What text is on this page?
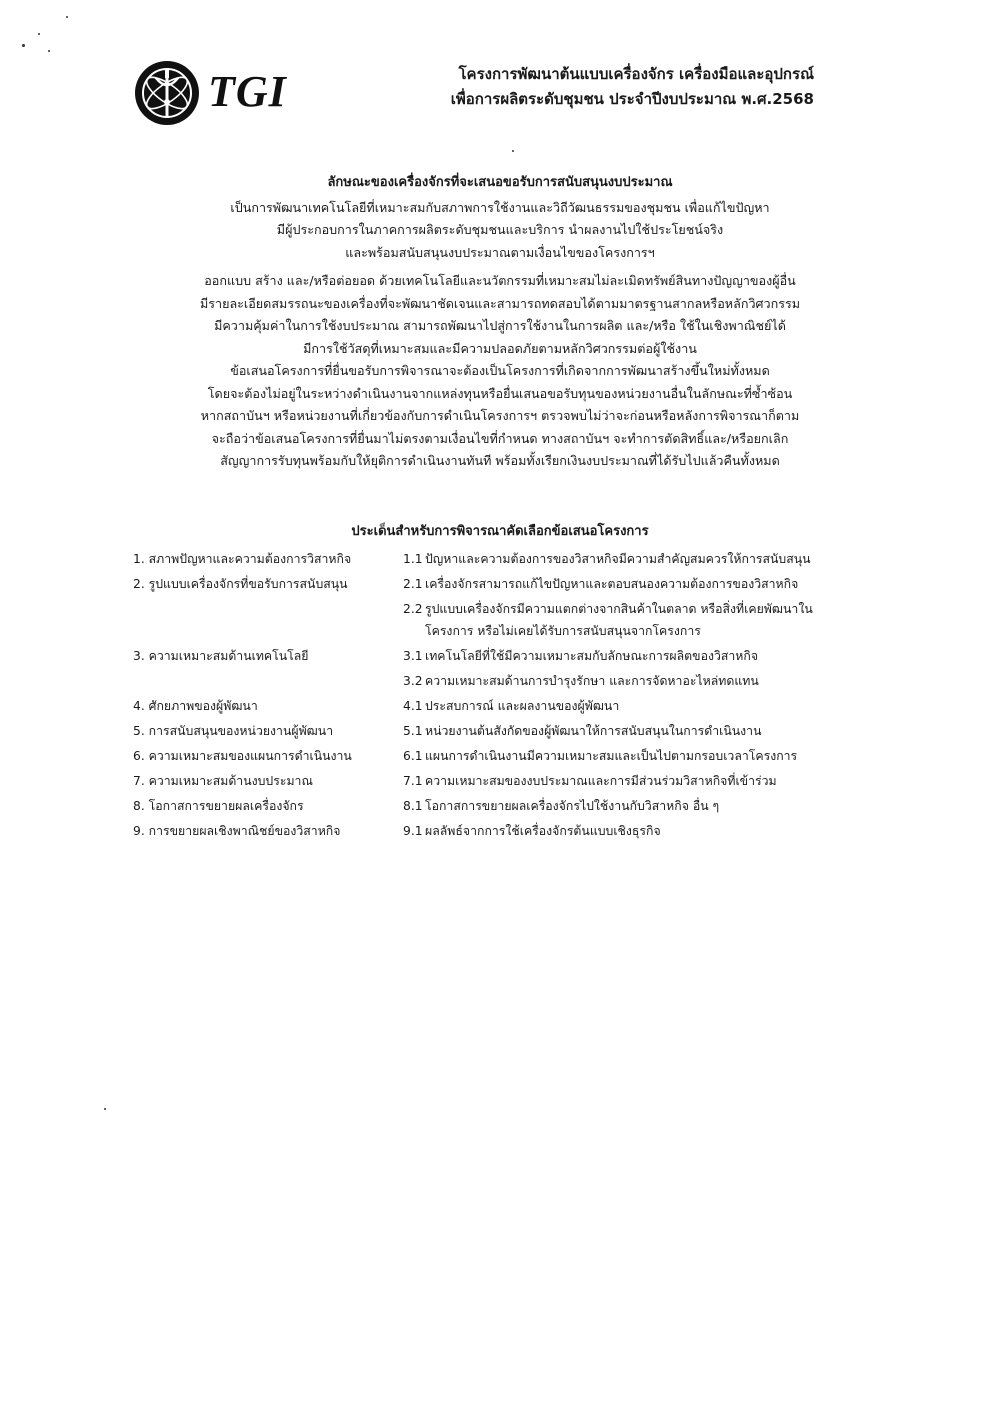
TGI	โครงการพัฒนาต้นแบบเครื่องจักร เครื่องมือและอุปกรณ์
เพื่อการผลิตระดับชุมชน ประจำปีงบประมาณ พ.ศ.2568
ลักษณะของเครื่องจักรที่จะเสนอขอรับการสนับสนุนงบประมาณ
เป็นการพัฒนาเทคโนโลยีที่เหมาะสมกับสภาพการใช้งานและวิถีวัฒนธรรมของชุมชน เพื่อแก้ไขปัญหา
มีผู้ประกอบการในภาคการผลิตระดับชุมชนและบริการ นำผลงานไปใช้ประโยชน์จริง
และพร้อมสนับสนุนงบประมาณตามเงื่อนไขของโครงการฯ
ออกแบบ สร้าง และ/หรือต่อยอด ด้วยเทคโนโลยีและนวัตกรรมที่เหมาะสมไม่ละเมิดทรัพย์สินทางปัญญาของผู้อื่น
มีรายละเอียดสมรรถนะของเครื่องที่จะพัฒนาชัดเจนและสามารถทดสอบได้ตามมาตรฐานสากลหรือหลักวิศวกรรม
มีความคุ้มค่าในการใช้งบประมาณ สามารถพัฒนาไปสู่การใช้งานในการผลิต และ/หรือ ใช้ในเชิงพาณิชย์ได้
มีการใช้วัสดุที่เหมาะสมและมีความปลอดภัยตามหลักวิศวกรรมต่อผู้ใช้งาน
ข้อเสนอโครงการที่ยื่นขอรับการพิจารณาจะต้องเป็นโครงการที่เกิดจากการพัฒนาสร้างขึ้นใหม่ทั้งหมด
โดยจะต้องไม่อยู่ในระหว่างดำเนินงานจากแหล่งทุนหรือยื่นเสนอขอรับทุนของหน่วยงานอื่นในลักษณะที่ซ้ำซ้อน
หากสถาบันฯ หรือหน่วยงานที่เกี่ยวข้องกับการดำเนินโครงการฯ ตรวจพบไม่ว่าจะก่อนหรือหลังการพิจารณาก็ตาม
จะถือว่าข้อเสนอโครงการที่ยื่นมาไม่ตรงตามเงื่อนไขที่กำหนด ทางสถาบันฯ จะทำการตัดสิทธิ์และ/หรือยกเลิก
สัญญาการรับทุนพร้อมกับให้ยุติการดำเนินงานทันที พร้อมทั้งเรียกเงินงบประมาณที่ได้รับไปแล้วคืนทั้งหมด
ประเด็นสำหรับการพิจารณาคัดเลือกข้อเสนอโครงการ
1. สภาพปัญหาและความต้องการวิสาหกิจ	1.1 ปัญหาและความต้องการของวิสาหกิจมีความสำคัญสมควรให้การสนับสนุน
2. รูปแบบเครื่องจักรที่ขอรับการสนับสนุน	2.1 เครื่องจักรสามารถแก้ไขปัญหาและตอบสนองความต้องการของวิสาหกิจ
2.2 รูปแบบเครื่องจักรมีความแตกต่างจากสินค้าในตลาด หรือสิ่งที่เคยพัฒนาในโครงการ หรือไม่เคยได้รับการสนับสนุนจากโครงการ
3. ความเหมาะสมด้านเทคโนโลยี	3.1 เทคโนโลยีที่ใช้มีความเหมาะสมกับลักษณะการผลิตของวิสาหกิจ
3.2 ความเหมาะสมด้านการบำรุงรักษา และการจัดหาอะไหล่ทดแทน
4. ศักยภาพของผู้พัฒนา	4.1 ประสบการณ์ และผลงานของผู้พัฒนา
5. การสนับสนุนของหน่วยงานผู้พัฒนา	5.1 หน่วยงานต้นสังกัดของผู้พัฒนาให้การสนับสนุนในการดำเนินงาน
6. ความเหมาะสมของแผนการดำเนินงาน	6.1 แผนการดำเนินงานมีความเหมาะสมและเป็นไปตามกรอบเวลาโครงการ
7. ความเหมาะสมด้านงบประมาณ	7.1 ความเหมาะสมของงบประมาณและการมีส่วนร่วมวิสาหกิจที่เข้าร่วม
8. โอกาสการขยายผลเครื่องจักร	8.1 โอกาสการขยายผลเครื่องจักรไปใช้งานกับวิสาหกิจ อื่น ๆ
9. การขยายผลเชิงพาณิชย์ของวิสาหกิจ	9.1 ผลลัพธ์จากการใช้เครื่องจักรต้นแบบเชิงธุรกิจ
